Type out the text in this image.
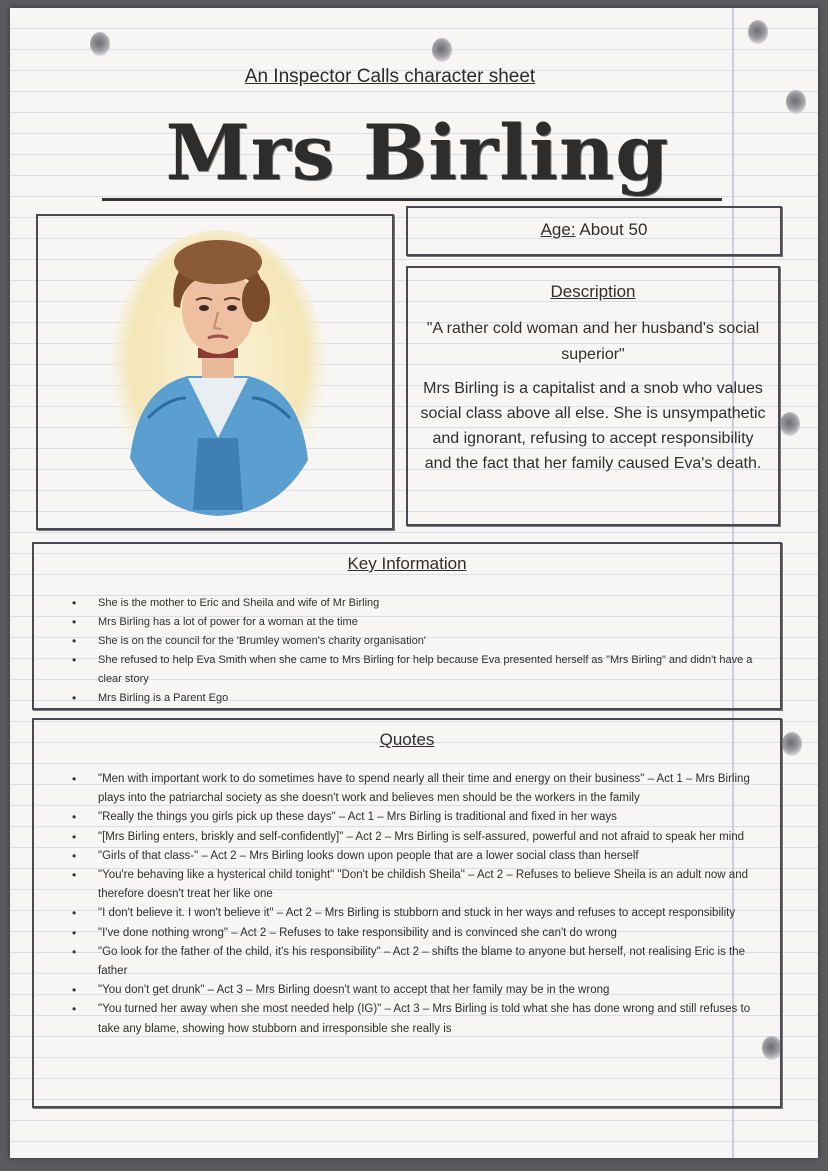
An Inspector Calls character sheet
Mrs Birling
Age: About 50
Description
"A rather cold woman and her husband's social superior"
Mrs Birling is a capitalist and a snob who values social class above all else. She is unsympathetic and ignorant, refusing to accept responsibility and the fact that her family caused Eva's death.
Key Information
• She is the mother to Eric and Sheila and wife of Mr Birling
• Mrs Birling has a lot of power for a woman at the time
• She is on the council for the 'Brumley women's charity organisation'
• She refused to help Eva Smith when she came to Mrs Birling for help because Eva presented herself as "Mrs Birling" and didn't have a clear story
• Mrs Birling is a Parent Ego
Quotes
• "Men with important work to do sometimes have to spend nearly all their time and energy on their business" – Act 1 – Mrs Birling plays into the patriarchal society as she doesn't work and believes men should be the workers in the family
• "Really the things you girls pick up these days" – Act 1 – Mrs Birling is traditional and fixed in her ways
• "[Mrs Birling enters, briskly and self-confidently]" – Act 2 – Mrs Birling is self-assured, powerful and not afraid to speak her mind
• "Girls of that class-" – Act 2 – Mrs Birling looks down upon people that are a lower social class than herself
• "You're behaving like a hysterical child tonight" "Don't be childish Sheila" – Act 2 – Refuses to believe Sheila is an adult now and therefore doesn't treat her like one
• "I don't believe it. I won't believe it" – Act 2 – Mrs Birling is stubborn and stuck in her ways and refuses to accept responsibility
• "I've done nothing wrong" – Act 2 – Refuses to take responsibility and is convinced she can't do wrong
• "Go look for the father of the child, it's his responsibility" – Act 2 – shifts the blame to anyone but herself, not realising Eric is the father
• "You don't get drunk" – Act 3 – Mrs Birling doesn't want to accept that her family may be in the wrong
• "You turned her away when she most needed help (IG)" – Act 3 – Mrs Birling is told what she has done wrong and still refuses to take any blame, showing how stubborn and irresponsible she really is
